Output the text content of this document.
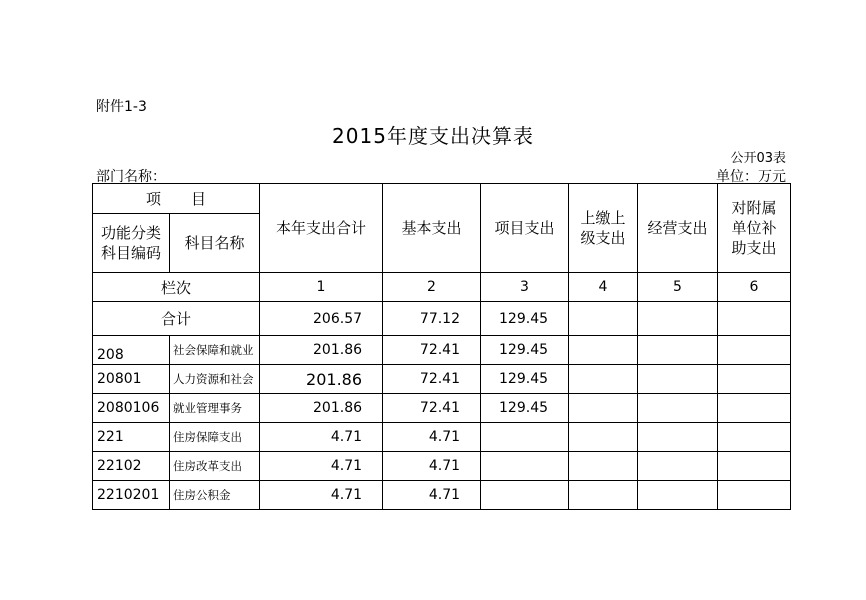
附件1-3
2015年度支出决算表
公开03表
部门名称：	单位：万元
项　　目		本年支出合计	基本支出	项目支出	上缴上级支出	经营支出	对附属单位补助支出
功能分类科目编码	科目名称						
栏次		1	2	3	4	5	6
合计		206.57	77.12	129.45			
208	社会保障和就业	201.86	72.41	129.45			
20801	人力资源和社会	201.86	72.41	129.45			
2080106	就业管理事务	201.86	72.41	129.45			
221	住房保障支出	4.71	4.71				
22102	住房改革支出	4.71	4.71				
2210201	住房公积金	4.71	4.71				
